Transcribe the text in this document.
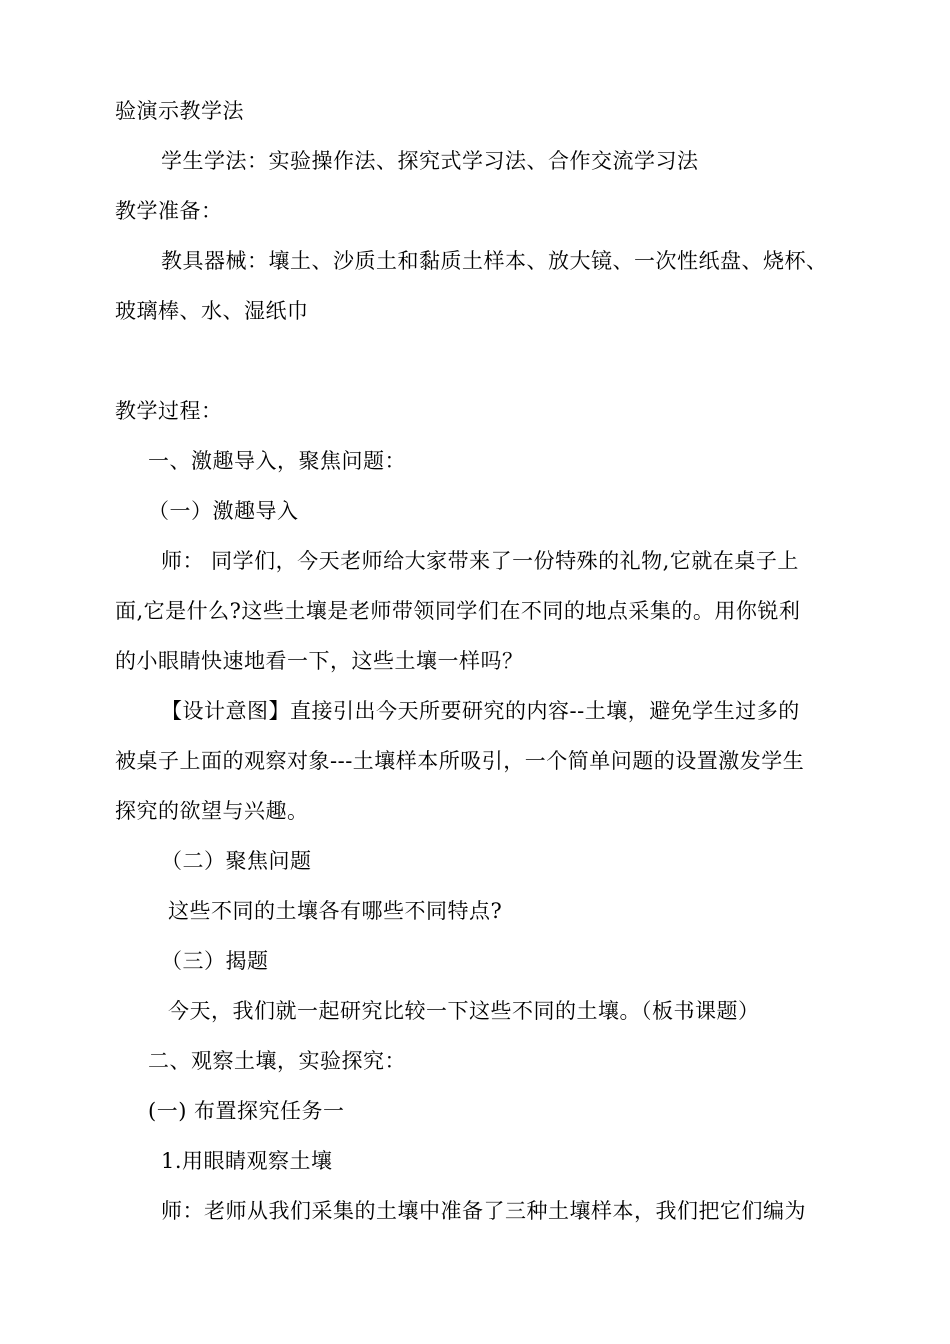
验演示教学法
学生学法：实验操作法、探究式学习法、合作交流学习法
教学准备：
教具器械：壤土、沙质土和黏质土样本、放大镜、一次性纸盘、烧杯、
玻璃棒、水、湿纸巾
教学过程：
一、激趣导入，聚焦问题：
（一）激趣导入
师： 同学们，今天老师给大家带来了一份特殊的礼物,它就在桌子上
面,它是什么?这些土壤是老师带领同学们在不同的地点采集的。用你锐利
的小眼睛快速地看一下，这些土壤一样吗？
【设计意图】直接引出今天所要研究的内容--土壤，避免学生过多的
被桌子上面的观察对象---土壤样本所吸引，一个简单问题的设置激发学生
探究的欲望与兴趣。
（二）聚焦问题
这些不同的土壤各有哪些不同特点?
（三）揭题
今天，我们就一起研究比较一下这些不同的土壤。（板书课题）
二、观察土壤，实验探究：
(一) 布置探究任务一
1.用眼睛观察土壤
师：老师从我们采集的土壤中准备了三种土壤样本，我们把它们编为
